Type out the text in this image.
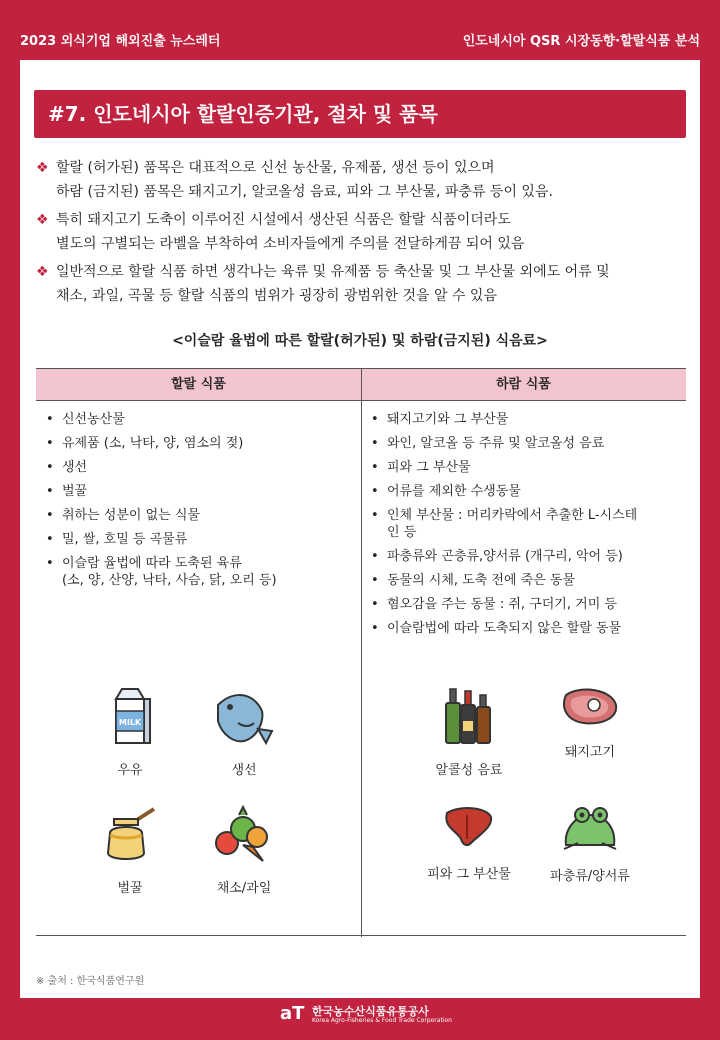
2023 외식기업 해외진출 뉴스레터	인도네시아 QSR 시장동향·할랄식품 분석
#7. 인도네시아 할랄인증기관, 절차 및 품목
❖ 할랄 (허가된) 품목은 대표적으로 신선 농산물, 유제품, 생선 등이 있으며
하람 (금지된) 품목은 돼지고기, 알코올성 음료, 피와 그 부산물, 파충류 등이 있음.
❖ 특히 돼지고기 도축이 이루어진 시설에서 생산된 식품은 할랄 식품이더라도
별도의 구별되는 라벨을 부착하여 소비자들에게 주의를 전달하게끔 되어 있음
❖ 일반적으로 할랄 식품 하면 생각나는 육류 및 유제품 등 축산물 및 그 부산물 외에도 어류 및
채소, 과일, 곡물 등 할랄 식품의 범위가 굉장히 광범위한 것을 알 수 있음
<이슬람 율법에 따른 할랄(허가된) 및 하람(금지된) 식음료>
할랄 식품	하람 식품
• 신선농산물
• 유제품 (소, 낙타, 양, 염소의 젖)
• 생선
• 벌꿀
• 취하는 성분이 없는 식물
• 밀, 쌀, 호밀 등 곡물류
• 이슬람 율법에 따라 도축된 육류
(소, 양, 산양, 낙타, 사슴, 닭, 오리 등)
• 돼지고기와 그 부산물
• 와인, 알코올 등 주류 및 알코올성 음료
• 피와 그 부산물
• 어류를 제외한 수생동물
• 인체 부산물 : 머리카락에서 추출한 L-시스테
인 등
• 파충류와 곤충류,양서류 (개구리, 악어 등)
• 동물의 시체, 도축 전에 죽은 동물
• 혐오감을 주는 동물 : 쥐, 구더기, 거미 등
• 이슬람법에 따라 도축되지 않은 할랄 동물
MILK
우유	생선
벌꿀	채소/과일
알콜성 음료
돼지고기
피와 그 부산물	파충류/양서류
※ 출처 : 한국식품연구원
aT 한국농수산식품유통공사
Korea Agro-Fisheries & Food Trade Corporation
